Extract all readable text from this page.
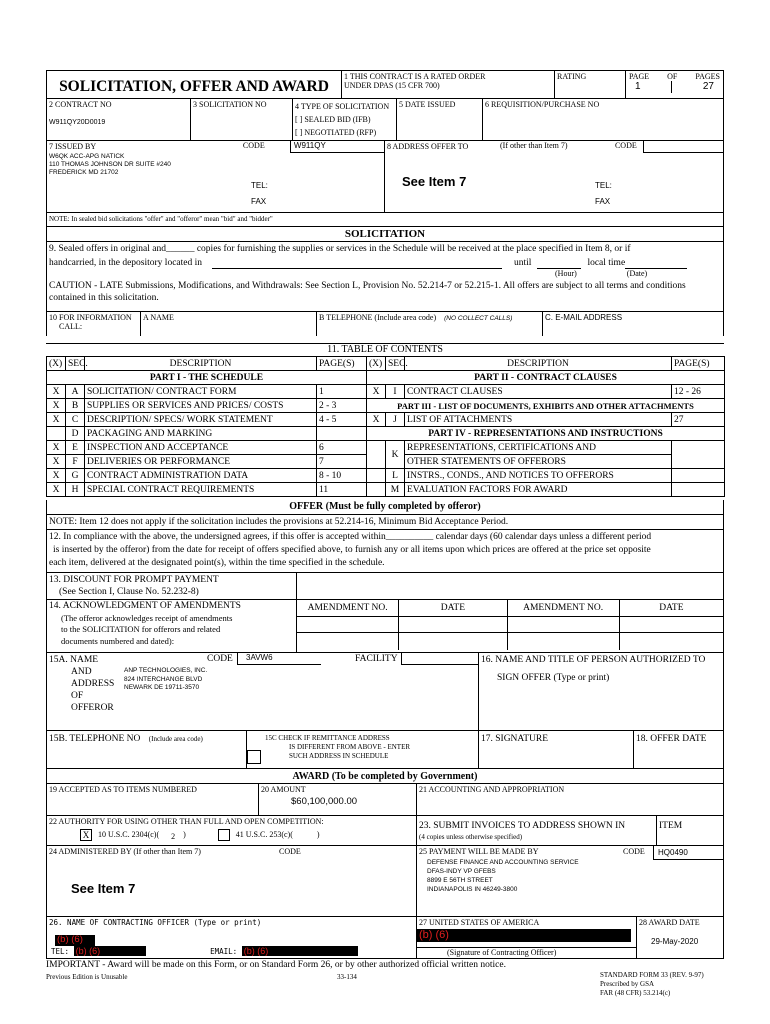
SOLICITATION, OFFER AND AWARD
1 THIS CONTRACT IS A RATED ORDER
UNDER DPAS (15 CFR 700)
RATING	PAGE OF PAGES
1	27
2 CONTRACT NO
W911QY20D0019
3 SOLICITATION NO	4 TYPE OF SOLICITATION
[ ] SEALED BID (IFB)
[ ] NEGOTIATED (RFP)
5 DATE ISSUED	6 REQUISITION/PURCHASE NO
7 ISSUED BY	CODE	W911QY
W6QK ACC-APG NATICK
110 THOMAS JOHNSON DR SUITE #240
FREDERICK MD 21702
TEL:
FAX
8 ADDRESS OFFER TO	(If other than Item 7)	CODE
See Item 7	TEL:
FAX
NOTE: In sealed bid solicitations "offer" and "offeror" mean "bid" and "bidder"
SOLICITATION
9. Sealed offers in original and______ copies for furnishing the supplies or services in the Schedule will be received at the place specified in Item 8, or if
handcarried, in the depository located in	until	local time
(Hour)	(Date)
CAUTION - LATE Submissions, Modifications, and Withdrawals: See Section L, Provision No. 52.214-7 or 52.215-1. All offers are subject to all terms and conditions contained in this solicitation.
10 FOR INFORMATION
CALL:
A NAME	B TELEPHONE (Include area code) (NO COLLECT CALLS)	C. E-MAIL ADDRESS
11. TABLE OF CONTENTS
(X)	SEC.	DESCRIPTION	PAGE(S)	(X)	SEC.	DESCRIPTION	PAGE(S)
PART I - THE SCHEDULE				PART II - CONTRACT CLAUSES			
X	A	SOLICITATION/ CONTRACT FORM	1	X	I	CONTRACT CLAUSES	12 - 26
X	B	SUPPLIES OR SERVICES AND PRICES/ COSTS	2 - 3	PART III - LIST OF DOCUMENTS, EXHIBITS AND OTHER ATTACHMENTS			
X	C	DESCRIPTION/ SPECS/ WORK STATEMENT	4 - 5	X	J	LIST OF ATTACHMENTS	27
	D	PACKAGING AND MARKING		PART IV - REPRESENTATIONS AND INSTRUCTIONS			
X	E	INSPECTION AND ACCEPTANCE	6		K	REPRESENTATIONS, CERTIFICATIONS AND	
X	F	DELIVERIES OR PERFORMANCE	7			OTHER STATEMENTS OF OFFERORS	
X	G	CONTRACT ADMINISTRATION DATA	8 - 10		L	INSTRS., CONDS., AND NOTICES TO OFFERORS	
X	H	SPECIAL CONTRACT REQUIREMENTS	11		M	EVALUATION FACTORS FOR AWARD	
OFFER (Must be fully completed by offeror)
NOTE: Item 12 does not apply if the solicitation includes the provisions at 52.214-16, Minimum Bid Acceptance Period.
12. In compliance with the above, the undersigned agrees, if this offer is accepted within__________ calendar days (60 calendar days unless a different period
is inserted by the offeror) from the date for receipt of offers specified above, to furnish any or all items upon which prices are offered at the price set opposite
each item, delivered at the designated point(s), within the time specified in the schedule.
13. DISCOUNT FOR PROMPT PAYMENT
(See Section I, Clause No. 52.232-8)
14. ACKNOWLEDGMENT OF AMENDMENTS
(The offeror acknowledges receipt of amendments
to the SOLICITATION for offerors and related
documents numbered and dated):
AMENDMENT NO.	DATE	AMENDMENT NO.	DATE
15A. NAME
AND
ADDRESS
OF
OFFEROR
CODE	3AVW6	FACILITY
ANP TECHNOLOGIES, INC.
824 INTERCHANGE BLVD
NEWARK DE 19711-3570
16. NAME AND TITLE OF PERSON AUTHORIZED TO
SIGN OFFER (Type or print)
15B. TELEPHONE NO (Include area code)	15C CHECK IF REMITTANCE ADDRESS
IS DIFFERENT FROM ABOVE - ENTER
SUCH ADDRESS IN SCHEDULE
17. SIGNATURE	18. OFFER DATE
AWARD (To be completed by Government)
19 ACCEPTED AS TO ITEMS NUMBERED	20 AMOUNT
$60,100,000.00
21 ACCOUNTING AND APPROPRIATION
22 AUTHORITY FOR USING OTHER THAN FULL AND OPEN COMPETITION:
X 10 U.S.C. 2304(c)( 2 )	41 U.S.C. 253(c)(	)
23. SUBMIT INVOICES TO ADDRESS SHOWN IN
(4 copies unless otherwise specified)
ITEM
24 ADMINISTERED BY (If other than Item 7)	CODE
See Item 7
25 PAYMENT WILL BE MADE BY	CODE	HQ0490
DEFENSE FINANCE AND ACCOUNTING SERVICE
DFAS-INDY VP GFEBS
8899 E 56TH STREET
INDIANAPOLIS IN 46249-3800
26. NAME OF CONTRACTING OFFICER (Type or print)
(b) (6)
TEL: (b) (6)	EMAIL: (b) (6)
27 UNITED STATES OF AMERICA
(b) (6)
(Signature of Contracting Officer)
28 AWARD DATE
29-May-2020
IMPORTANT - Award will be made on this Form, or on Standard Form 26, or by other authorized official written notice.
Previous Edition is Unusable	33-134	STANDARD FORM 33 (REV. 9-97)
Prescribed by GSA
FAR (48 CFR) 53.214(c)
